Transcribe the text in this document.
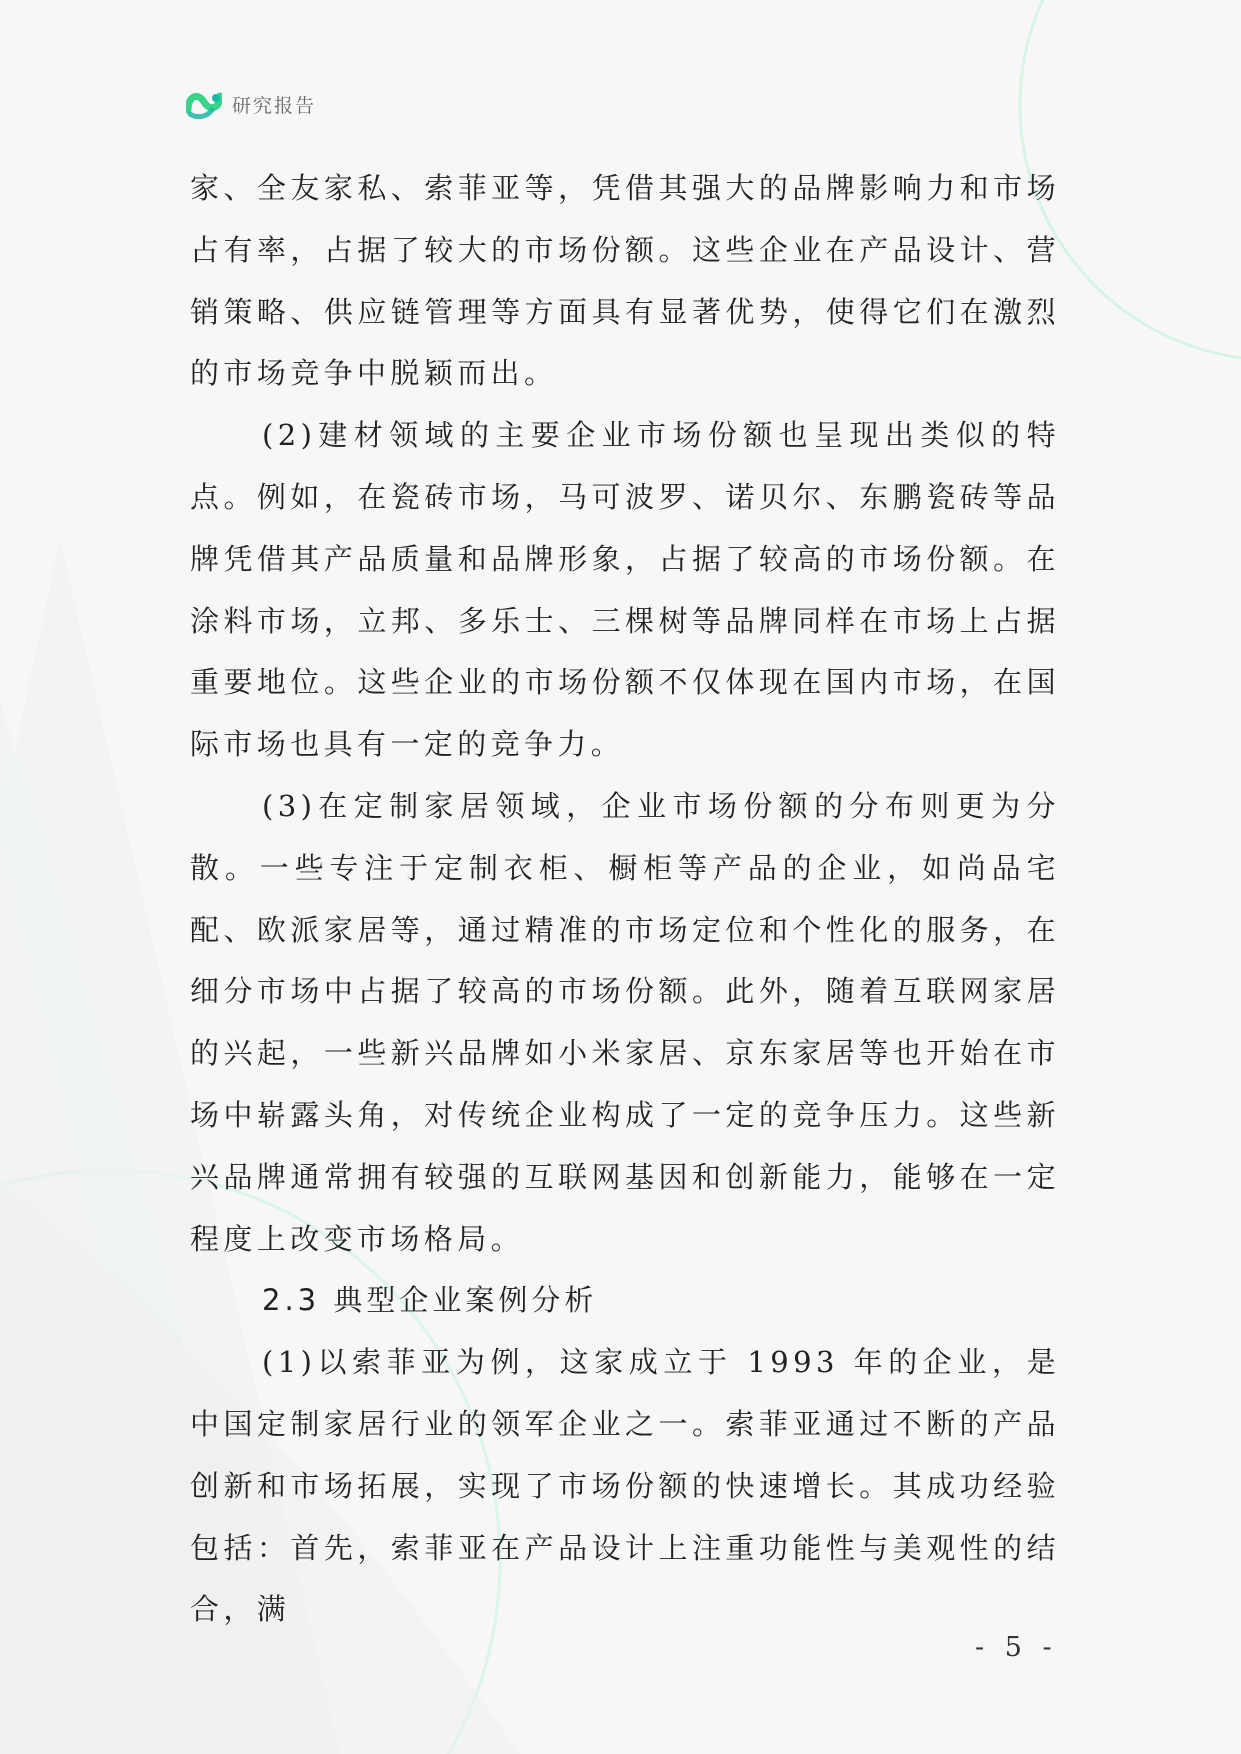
研究报告

家、全友家私、索菲亚等，凭借其强大的品牌影响力和市场占有率，占据了较大的市场份额。这些企业在产品设计、营销策略、供应链管理等方面具有显著优势，使得它们在激烈的市场竞争中脱颖而出。

(2)建材领域的主要企业市场份额也呈现出类似的特点。例如，在瓷砖市场，马可波罗、诺贝尔、东鹏瓷砖等品牌凭借其产品质量和品牌形象，占据了较高的市场份额。在涂料市场，立邦、多乐士、三棵树等品牌同样在市场上占据重要地位。这些企业的市场份额不仅体现在国内市场，在国际市场也具有一定的竞争力。

(3)在定制家居领域，企业市场份额的分布则更为分散。一些专注于定制衣柜、橱柜等产品的企业，如尚品宅配、欧派家居等，通过精准的市场定位和个性化的服务，在细分市场中占据了较高的市场份额。此外，随着互联网家居的兴起，一些新兴品牌如小米家居、京东家居等也开始在市场中崭露头角，对传统企业构成了一定的竞争压力。这些新兴品牌通常拥有较强的互联网基因和创新能力，能够在一定程度上改变市场格局。

2.3 典型企业案例分析

(1)以索菲亚为例，这家成立于 1993 年的企业，是中国定制家居行业的领军企业之一。索菲亚通过不断的产品创新和市场拓展，实现了市场份额的快速增长。其成功经验包括：首先，索菲亚在产品设计上注重功能性与美观性的结合，满

- 5 -
